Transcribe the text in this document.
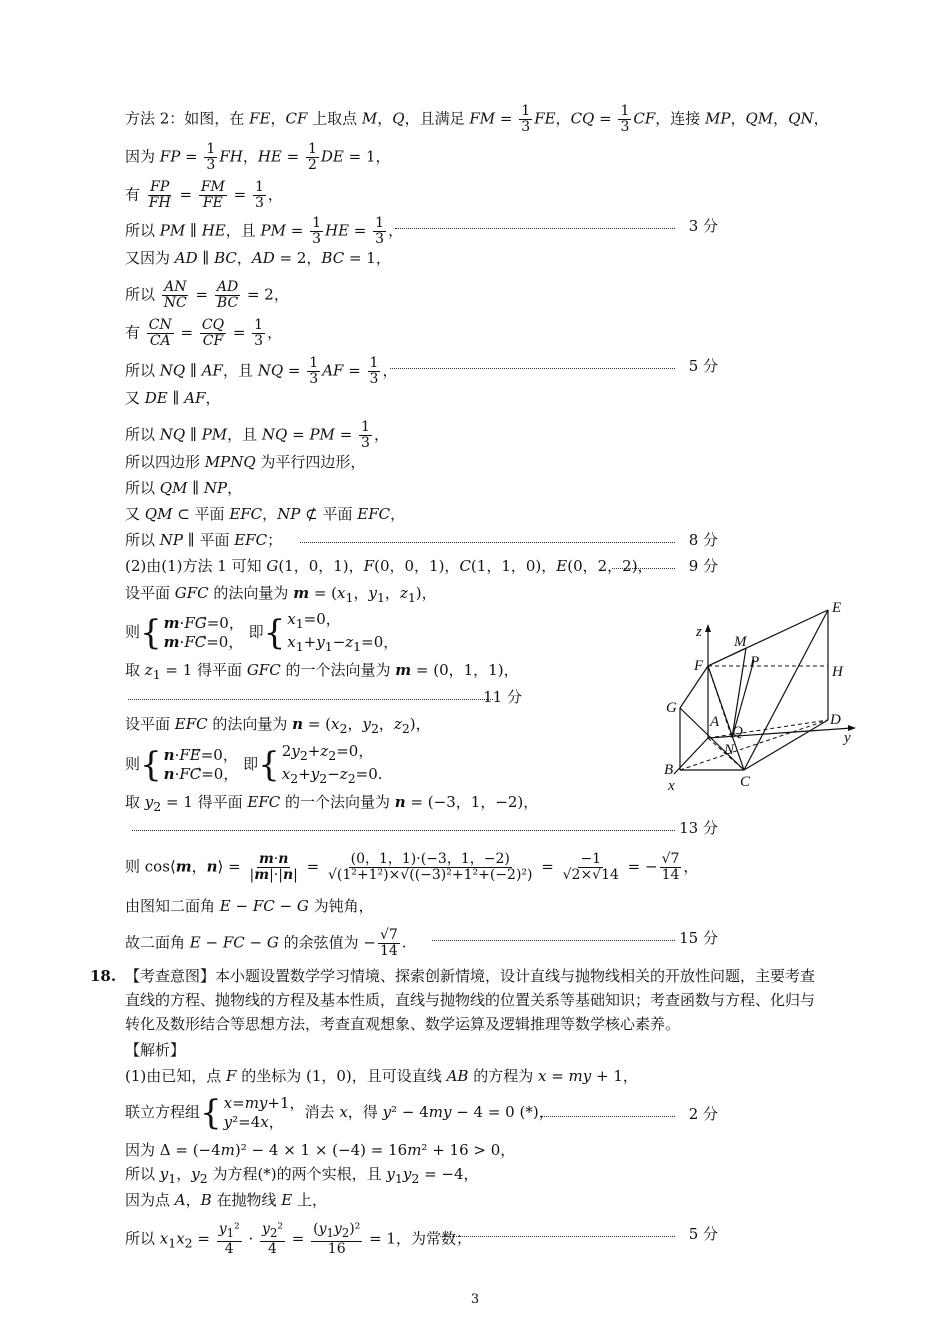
方法 2：如图，在 FE，CF 上取点 M，Q，且满足 FM = $\frac{1}{3}$ FE，CQ = $\frac{1}{3}$ CF，连接 MP，QM，QN，
因为 FP = $\frac{1}{3}$ FH，HE = $\frac{1}{2}$ DE = 1，
有 $\frac{FP}{FH} = \frac{FM}{FE} = \frac{1}{3}$ ，
所以 PM ∥ HE，且 PM = $\frac{1}{3}$ HE = $\frac{1}{3}$ ，	3 分
又因为 AD ∥ BC，AD = 2，BC = 1，
所以 $\frac{AN}{NC} = \frac{AD}{BC} = 2$，
有 $\frac{CN}{CA} = \frac{CQ}{CF} = \frac{1}{3}$ ，
所以 NQ ∥ AF，且 NQ = $\frac{1}{3}$ AF = $\frac{1}{3}$ ，	5 分
又 DE ∥ AF，
所以 NQ ∥ PM，且 NQ = PM = $\frac{1}{3}$ ，
所以四边形 MPNQ 为平行四边形，
所以 QM ∥ NP，
又 QM ⊂ 平面 EFC，NP ⊄ 平面 EFC，
所以 NP ∥ 平面 EFC；	8 分
(2)由(1)方法 1 可知 G(1，0，1)，F(0，0，1)，C(1，1，0)，E(0，2，2)， 9 分
设平面 GFC 的法向量为 $m = (x_1$，$y_1$，$z_1$)，
则{ m·FG⃗=0，
m·FC⃗=0，
即{ $x_1=0$，
$x_1+y_1-z_1=0$，
取 $z_1 = 1$ 得平面 GFC 的一个法向量为 m = (0，1，1)，
11 分
设平面 EFC 的法向量为 $n = (x_2$，$y_2$，$z_2$)，
则{ n·FE⃗=0，
n·FC⃗=0，
即{ $2y_2+z_2=0$，
$x_2+y_2-z_2=0$.
取 $y_2 = 1$ 得平面 EFC 的一个法向量为 n = (−3，1，−2)，
13 分
则 cos⟨m，n⟩ = $\frac{m\cdot n}{|m|\cdot|n|} = \frac{(0,1,1)\cdot(-3,1,-2)}{\text{√(1²+1²)×√((−3)²+1²+(−2)²)}} = \frac{-1}{√2\times√14}$ = − $\frac{√7}{14}$ ，
由图知二面角 E − FC − G 为钝角，
故二面角 E − FC − G 的余弦值为 − $\frac{√7}{14}$ .	15 分
18. 【考查意图】本小题设置数学学习情境、探索创新情境，设计直线与抛物线相关的开放性问题，主要考查直线的方程、抛物线的方程及基本性质，直线与抛物线的位置关系等基础知识；考查函数与方程、化归与转化及数形结合等思想方法，考查直观想象、数学运算及逻辑推理等数学核心素养。
【解析】
(1)由已知，点 F 的坐标为 (1，0)，且可设直线 AB 的方程为 x = my + 1，
联立方程组{ x=my+1，
y²=4x，
消去 x，得 y² − 4my − 4 = 0 (*)，	2 分
因为 Δ = (−4m)² − 4 × 1 × (−4) = 16m² + 16 > 0，
所以 $y_1$，$y_2$ 为方程(*)的两个实根，且 $y_1y_2 = -4$，
因为点 A，B 在抛物线 E 上，
所以 $x_1x_2 = \frac{y_1^2}{4} \cdot \frac{y_2^2}{4} = \frac{(y_1y_2)^2}{16} = 1$，为常数；	5 分
E
z
M
F	P
H
G
A
Q
D
y
N
B
C
x
3
